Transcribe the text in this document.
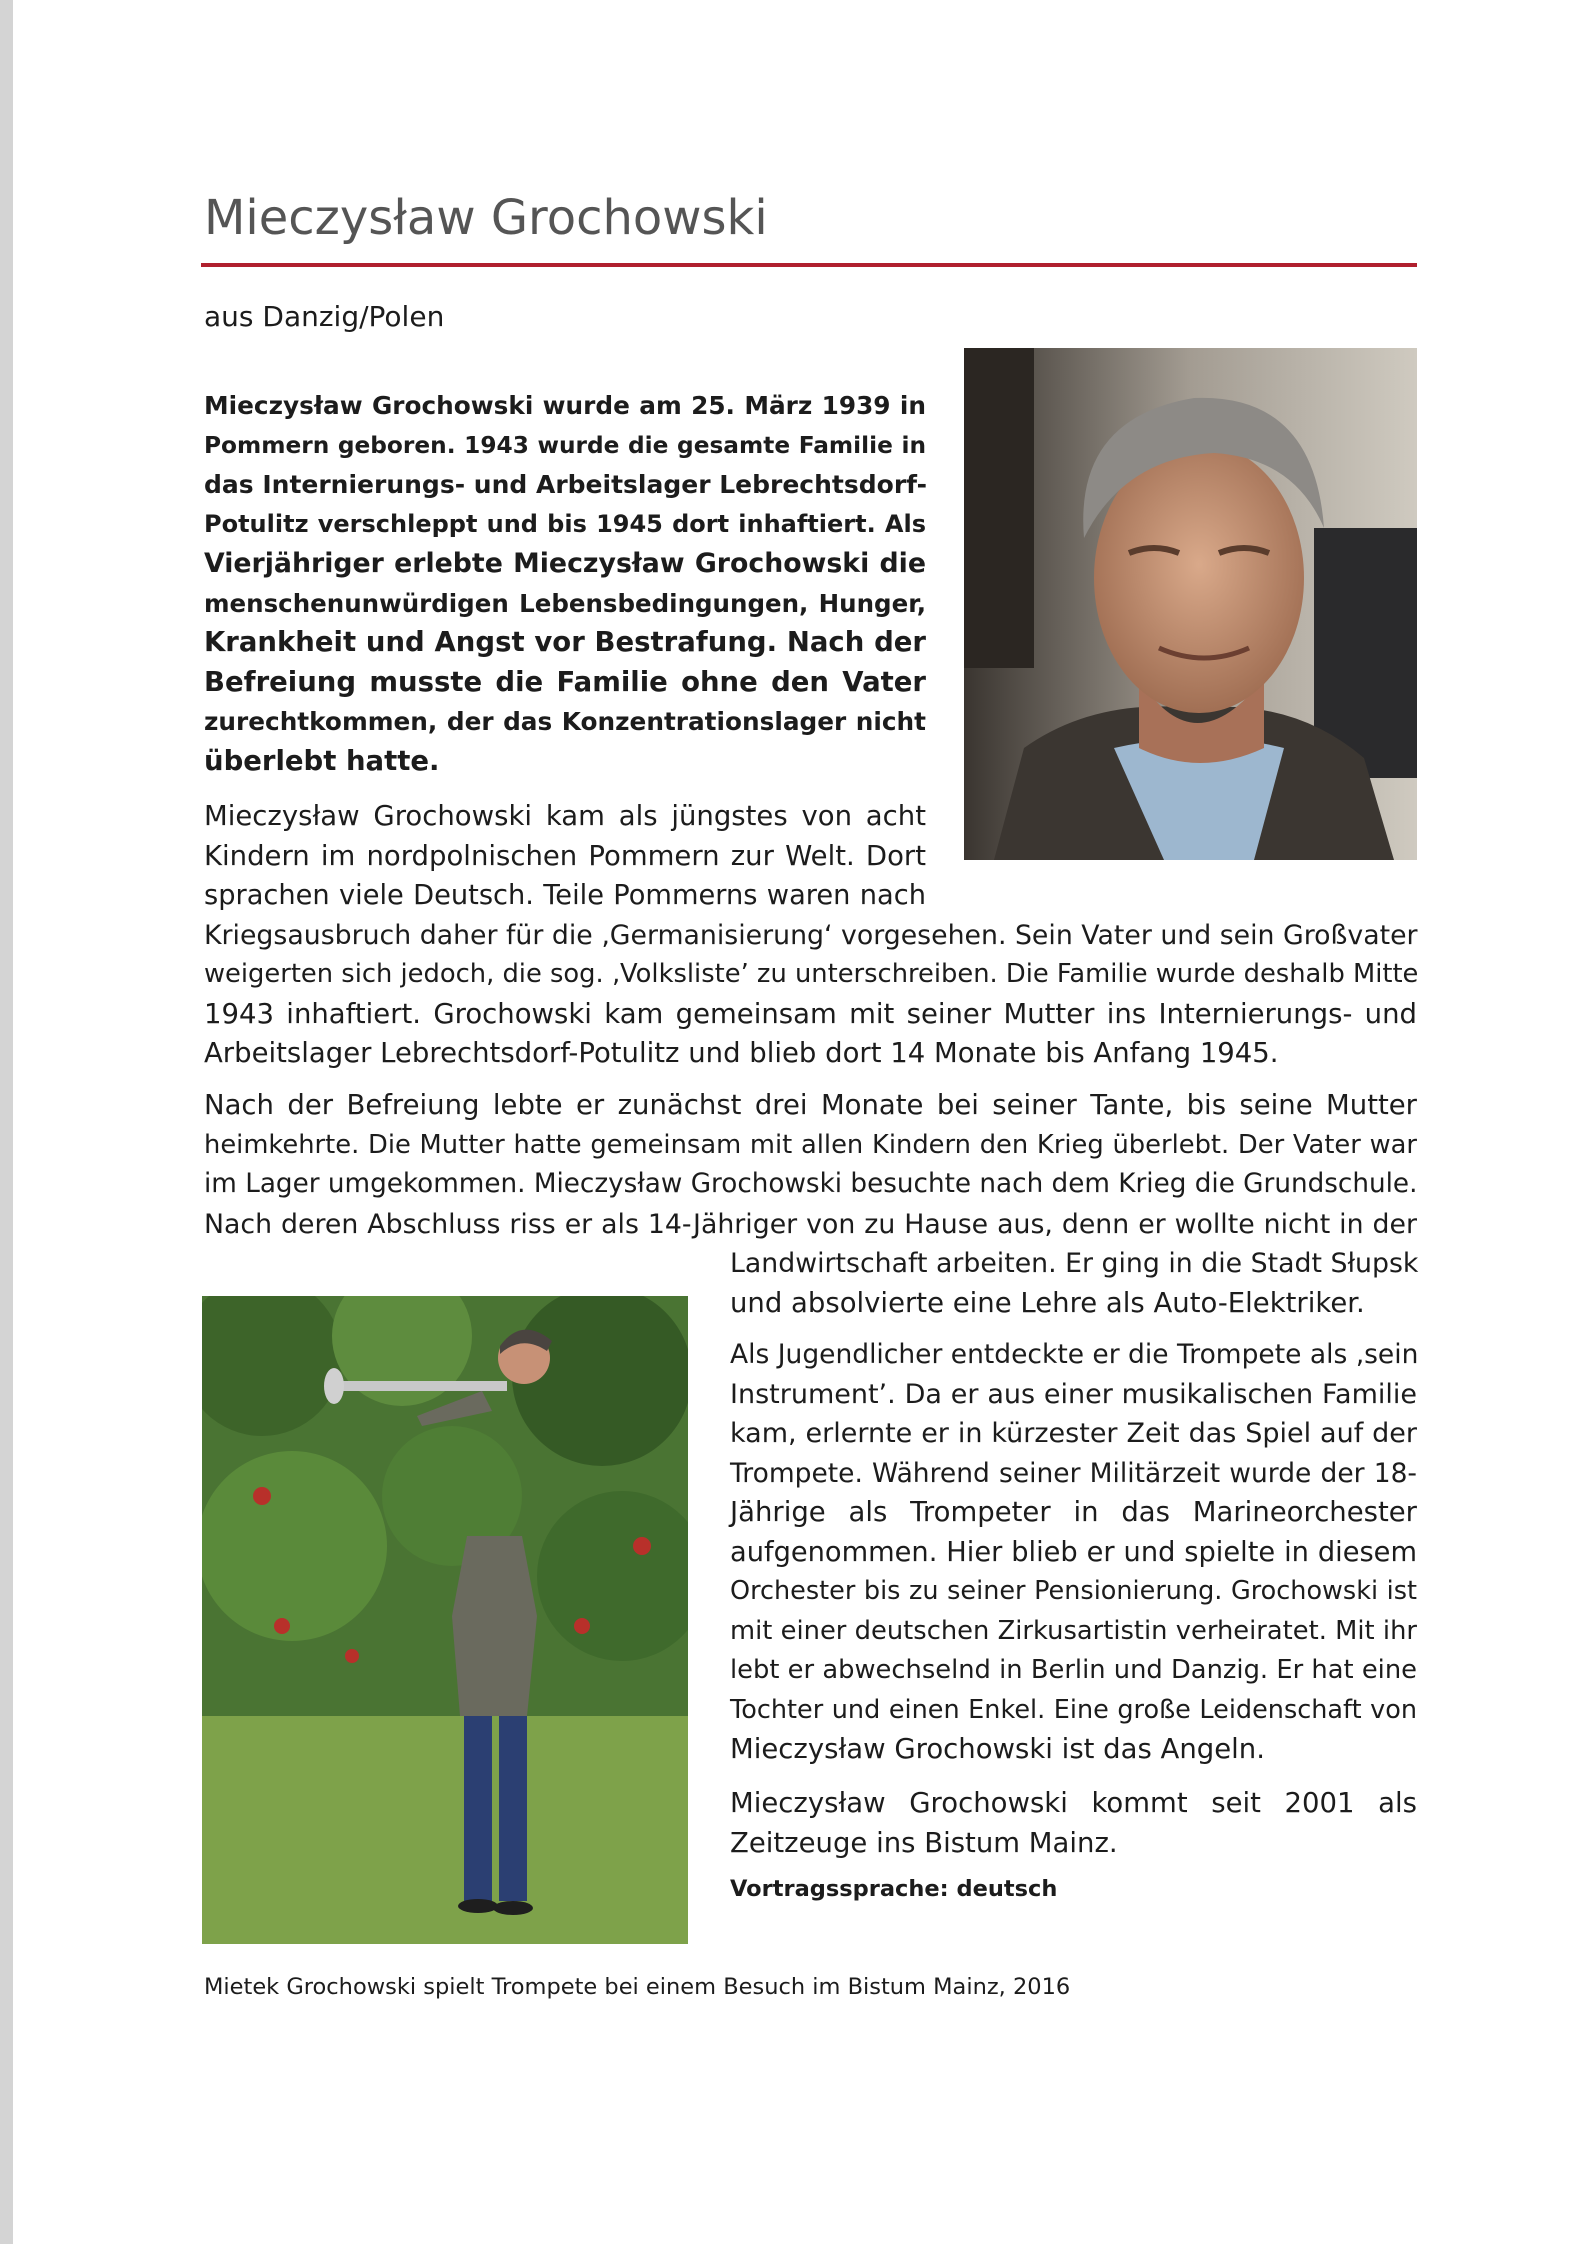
Mieczysław Grochowski

aus Danzig/Polen

Mieczysław Grochowski wurde am 25. März 1939 in
Pommern geboren. 1943 wurde die gesamte Familie in
das Internierungs- und Arbeitslager Lebrechtsdorf-
Potulitz verschleppt und bis 1945 dort inhaftiert. Als
Vierjähriger erlebte Mieczysław Grochowski die
menschenunwürdigen Lebensbedingungen, Hunger,
Krankheit und Angst vor Bestrafung. Nach der
Befreiung musste die Familie ohne den Vater
zurechtkommen, der das Konzentrationslager nicht
überlebt hatte.
Mieczysław Grochowski kam als jüngstes von acht
Kindern im nordpolnischen Pommern zur Welt. Dort
sprachen viele Deutsch. Teile Pommerns waren nach
Kriegsausbruch daher für die ‚Germanisierung‘ vorgesehen. Sein Vater und sein Großvater
weigerten sich jedoch, die sog. ‚Volksliste’ zu unterschreiben. Die Familie wurde deshalb Mitte
1943 inhaftiert. Grochowski kam gemeinsam mit seiner Mutter ins Internierungs- und
Arbeitslager Lebrechtsdorf-Potulitz und blieb dort 14 Monate bis Anfang 1945.
Nach der Befreiung lebte er zunächst drei Monate bei seiner Tante, bis seine Mutter
heimkehrte. Die Mutter hatte gemeinsam mit allen Kindern den Krieg überlebt. Der Vater war
im Lager umgekommen. Mieczysław Grochowski besuchte nach dem Krieg die Grundschule.
Nach deren Abschluss riss er als 14-Jähriger von zu Hause aus, denn er wollte nicht in der
Landwirtschaft arbeiten. Er ging in die Stadt Słupsk
und absolvierte eine Lehre als Auto-Elektriker.
Als Jugendlicher entdeckte er die Trompete als ‚sein
Instrument’. Da er aus einer musikalischen Familie
kam, erlernte er in kürzester Zeit das Spiel auf der
Trompete. Während seiner Militärzeit wurde der 18-
Jährige als Trompeter in das Marineorchester
aufgenommen. Hier blieb er und spielte in diesem
Orchester bis zu seiner Pensionierung. Grochowski ist
mit einer deutschen Zirkusartistin verheiratet. Mit ihr
lebt er abwechselnd in Berlin und Danzig. Er hat eine
Tochter und einen Enkel. Eine große Leidenschaft von
Mieczysław Grochowski ist das Angeln.
Mieczysław Grochowski kommt seit 2001 als
Zeitzeuge ins Bistum Mainz.

Vortragssprache: deutsch

Mietek Grochowski spielt Trompete bei einem Besuch im Bistum Mainz, 2016
